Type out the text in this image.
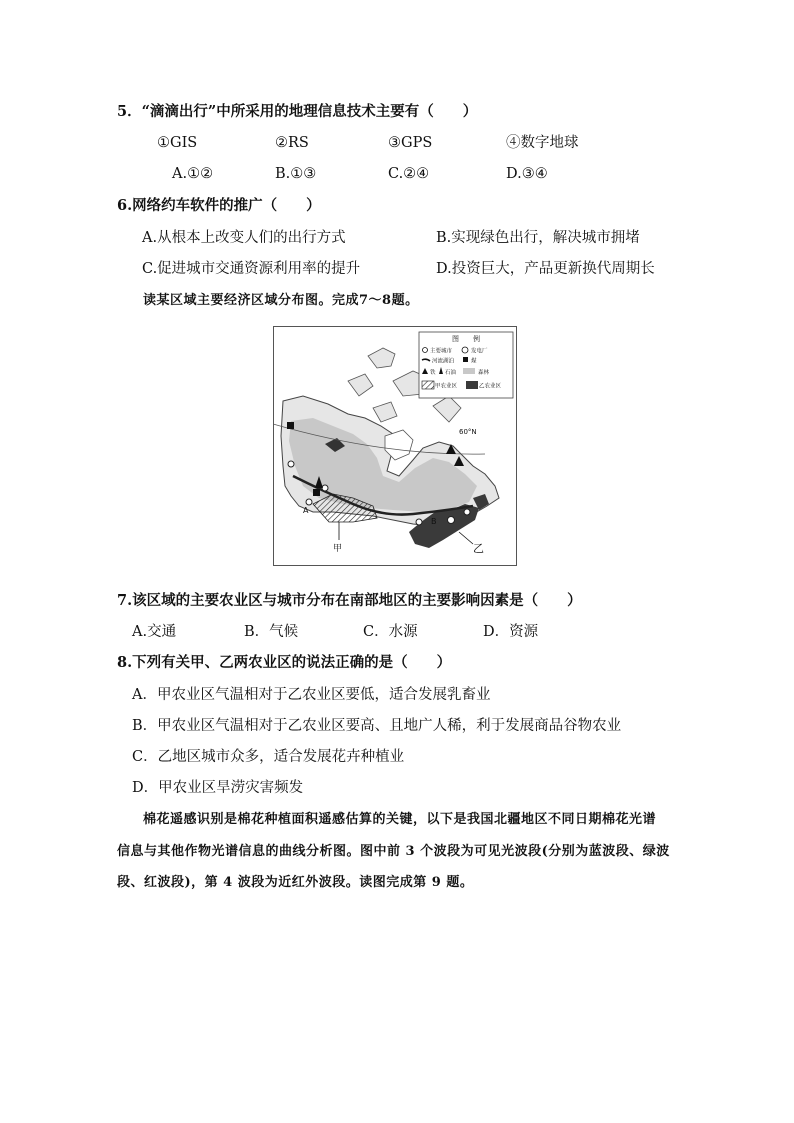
5．“滴滴出行”中所采用的地理信息技术主要有（　　）
①GIS	②RS	③GPS	④数字地球
A.①②	B.①③	C.②④	D.③④
6.网络约车软件的推广（　　）
A.从根本上改变人们的出行方式	B.实现绿色出行，解决城市拥堵
C.促进城市交通资源利用率的提升	D.投资巨大，产品更新换代周期长
读某区域主要经济区域分布图。完成7～8题。
图　　例
主要城市	发电厂
河流湖泊	煤
铁 石油	森林
甲农业区	乙农业区
60°N
A
B
甲	乙
7.该区域的主要农业区与城市分布在南部地区的主要影响因素是（　　）
A.交通	B．气候	C．水源	D．资源
8.下列有关甲、乙两农业区的说法正确的是（　　）
A．甲农业区气温相对于乙农业区要低，适合发展乳畜业
B．甲农业区气温相对于乙农业区要高、且地广人稀，利于发展商品谷物农业
C．乙地区城市众多，适合发展花卉种植业
D．甲农业区旱涝灾害频发
棉花遥感识别是棉花种植面积遥感估算的关键，以下是我国北疆地区不同日期棉花光谱
信息与其他作物光谱信息的曲线分析图。图中前 3 个波段为可见光波段(分别为蓝波段、绿波
段、红波段)，第 4 波段为近红外波段。读图完成第 9 题。
